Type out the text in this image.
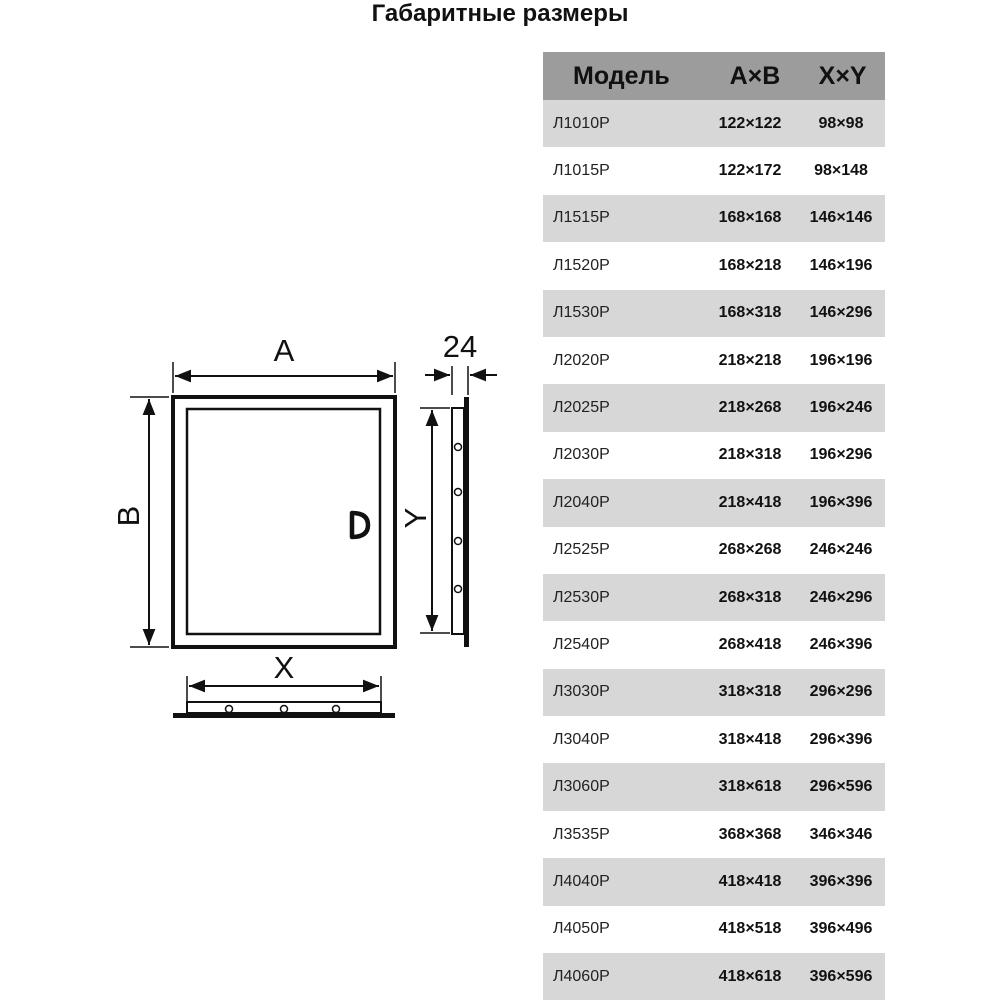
Габаритные размеры
A
B
X
24
Y
Модель	A×B	X×Y
Л1010Р	122×122	98×98
Л1015Р	122×172	98×148
Л1515Р	168×168	146×146
Л1520Р	168×218	146×196
Л1530Р	168×318	146×296
Л2020Р	218×218	196×196
Л2025Р	218×268	196×246
Л2030Р	218×318	196×296
Л2040Р	218×418	196×396
Л2525Р	268×268	246×246
Л2530Р	268×318	246×296
Л2540Р	268×418	246×396
Л3030Р	318×318	296×296
Л3040Р	318×418	296×396
Л3060Р	318×618	296×596
Л3535Р	368×368	346×346
Л4040Р	418×418	396×396
Л4050Р	418×518	396×496
Л4060Р	418×618	396×596
